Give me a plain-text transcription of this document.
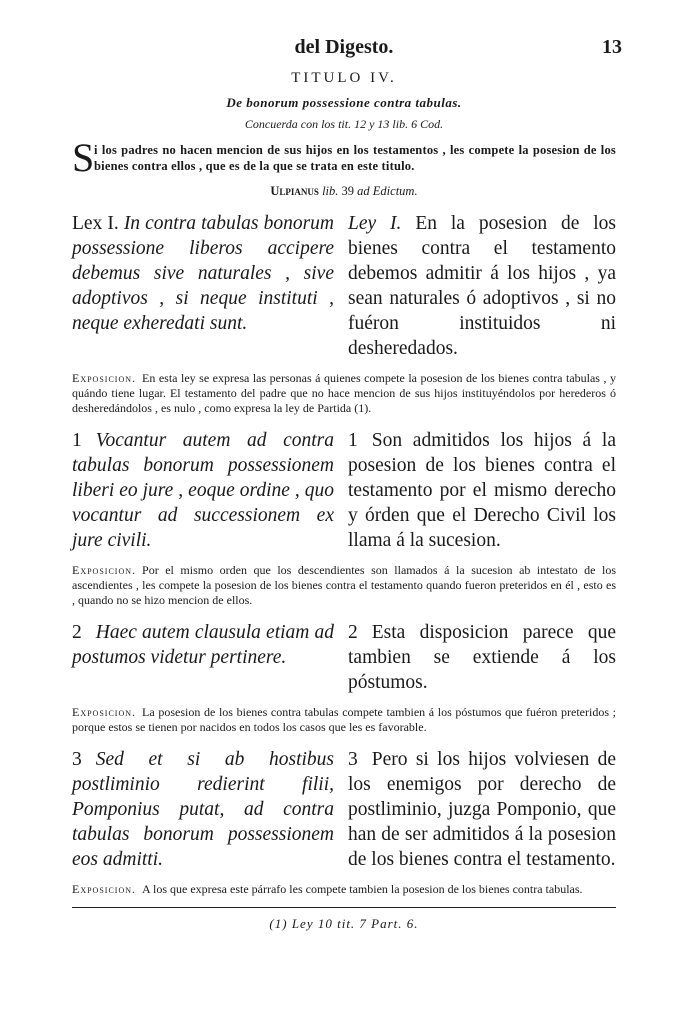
del Digesto.	13
TITULO IV.
De bonorum possessione contra tabulas.
Concuerda con los tit. 12 y 13 lib. 6 Cod.
S i los padres no hacen mencion de sus hijos en los testamentos , les compete la posesion de los bienes contra ellos , que es de la que se trata en este titulo.
Ulpianus lib. 39 ad Edictum.
Lex I. In contra tabulas bonorum possessione liberos accipere debemus sive naturales , sive adoptivos , si neque instituti , neque exheredati sunt.
Ley I. En la posesion de los bienes contra el testamento debemos admitir á los hijos , ya sean naturales ó adoptivos , si no fuéron instituidos ni desheredados.
Exposicion. En esta ley se expresa las personas á quienes compete la posesion de los bienes contra tabulas , y quándo tiene lugar. El testamento del padre que no hace mencion de sus hijos instituyéndolos por herederos ó desheredándolos , es nulo , como expresa la ley de Partida (1).
1 Vocantur autem ad contra tabulas bonorum possessionem liberi eo jure , eoque ordine , quo vocantur ad successionem ex jure civili.
1 Son admitidos los hijos á la posesion de los bienes contra el testamento por el mismo derecho y órden que el Derecho Civil los llama á la sucesion.
Exposicion. Por el mismo orden que los descendientes son llamados á la sucesion ab intestato de los ascendientes , les compete la posesion de los bienes contra el testamento quando fueron preteridos en él , esto es , quando no se hizo mencion de ellos.
2 Haec autem clausula etiam ad postumos videtur pertinere.
2 Esta disposicion parece que tambien se extiende á los póstumos.
Exposicion. La posesion de los bienes contra tabulas compete tambien á los póstumos que fuéron preteridos ; porque estos se tienen por nacidos en todos los casos que les es favorable.
3 Sed et si ab hostibus postliminio redierint filii, Pomponius putat, ad contra tabulas bonorum possessionem eos admitti.
3 Pero si los hijos volviesen de los enemigos por derecho de postliminio, juzga Pomponio, que han de ser admitidos á la posesion de los bienes contra el testamento.
Exposicion. A los que expresa este párrafo les compete tambien la posesion de los bienes contra tabulas.
(1) Ley 10 tit. 7 Part. 6.
